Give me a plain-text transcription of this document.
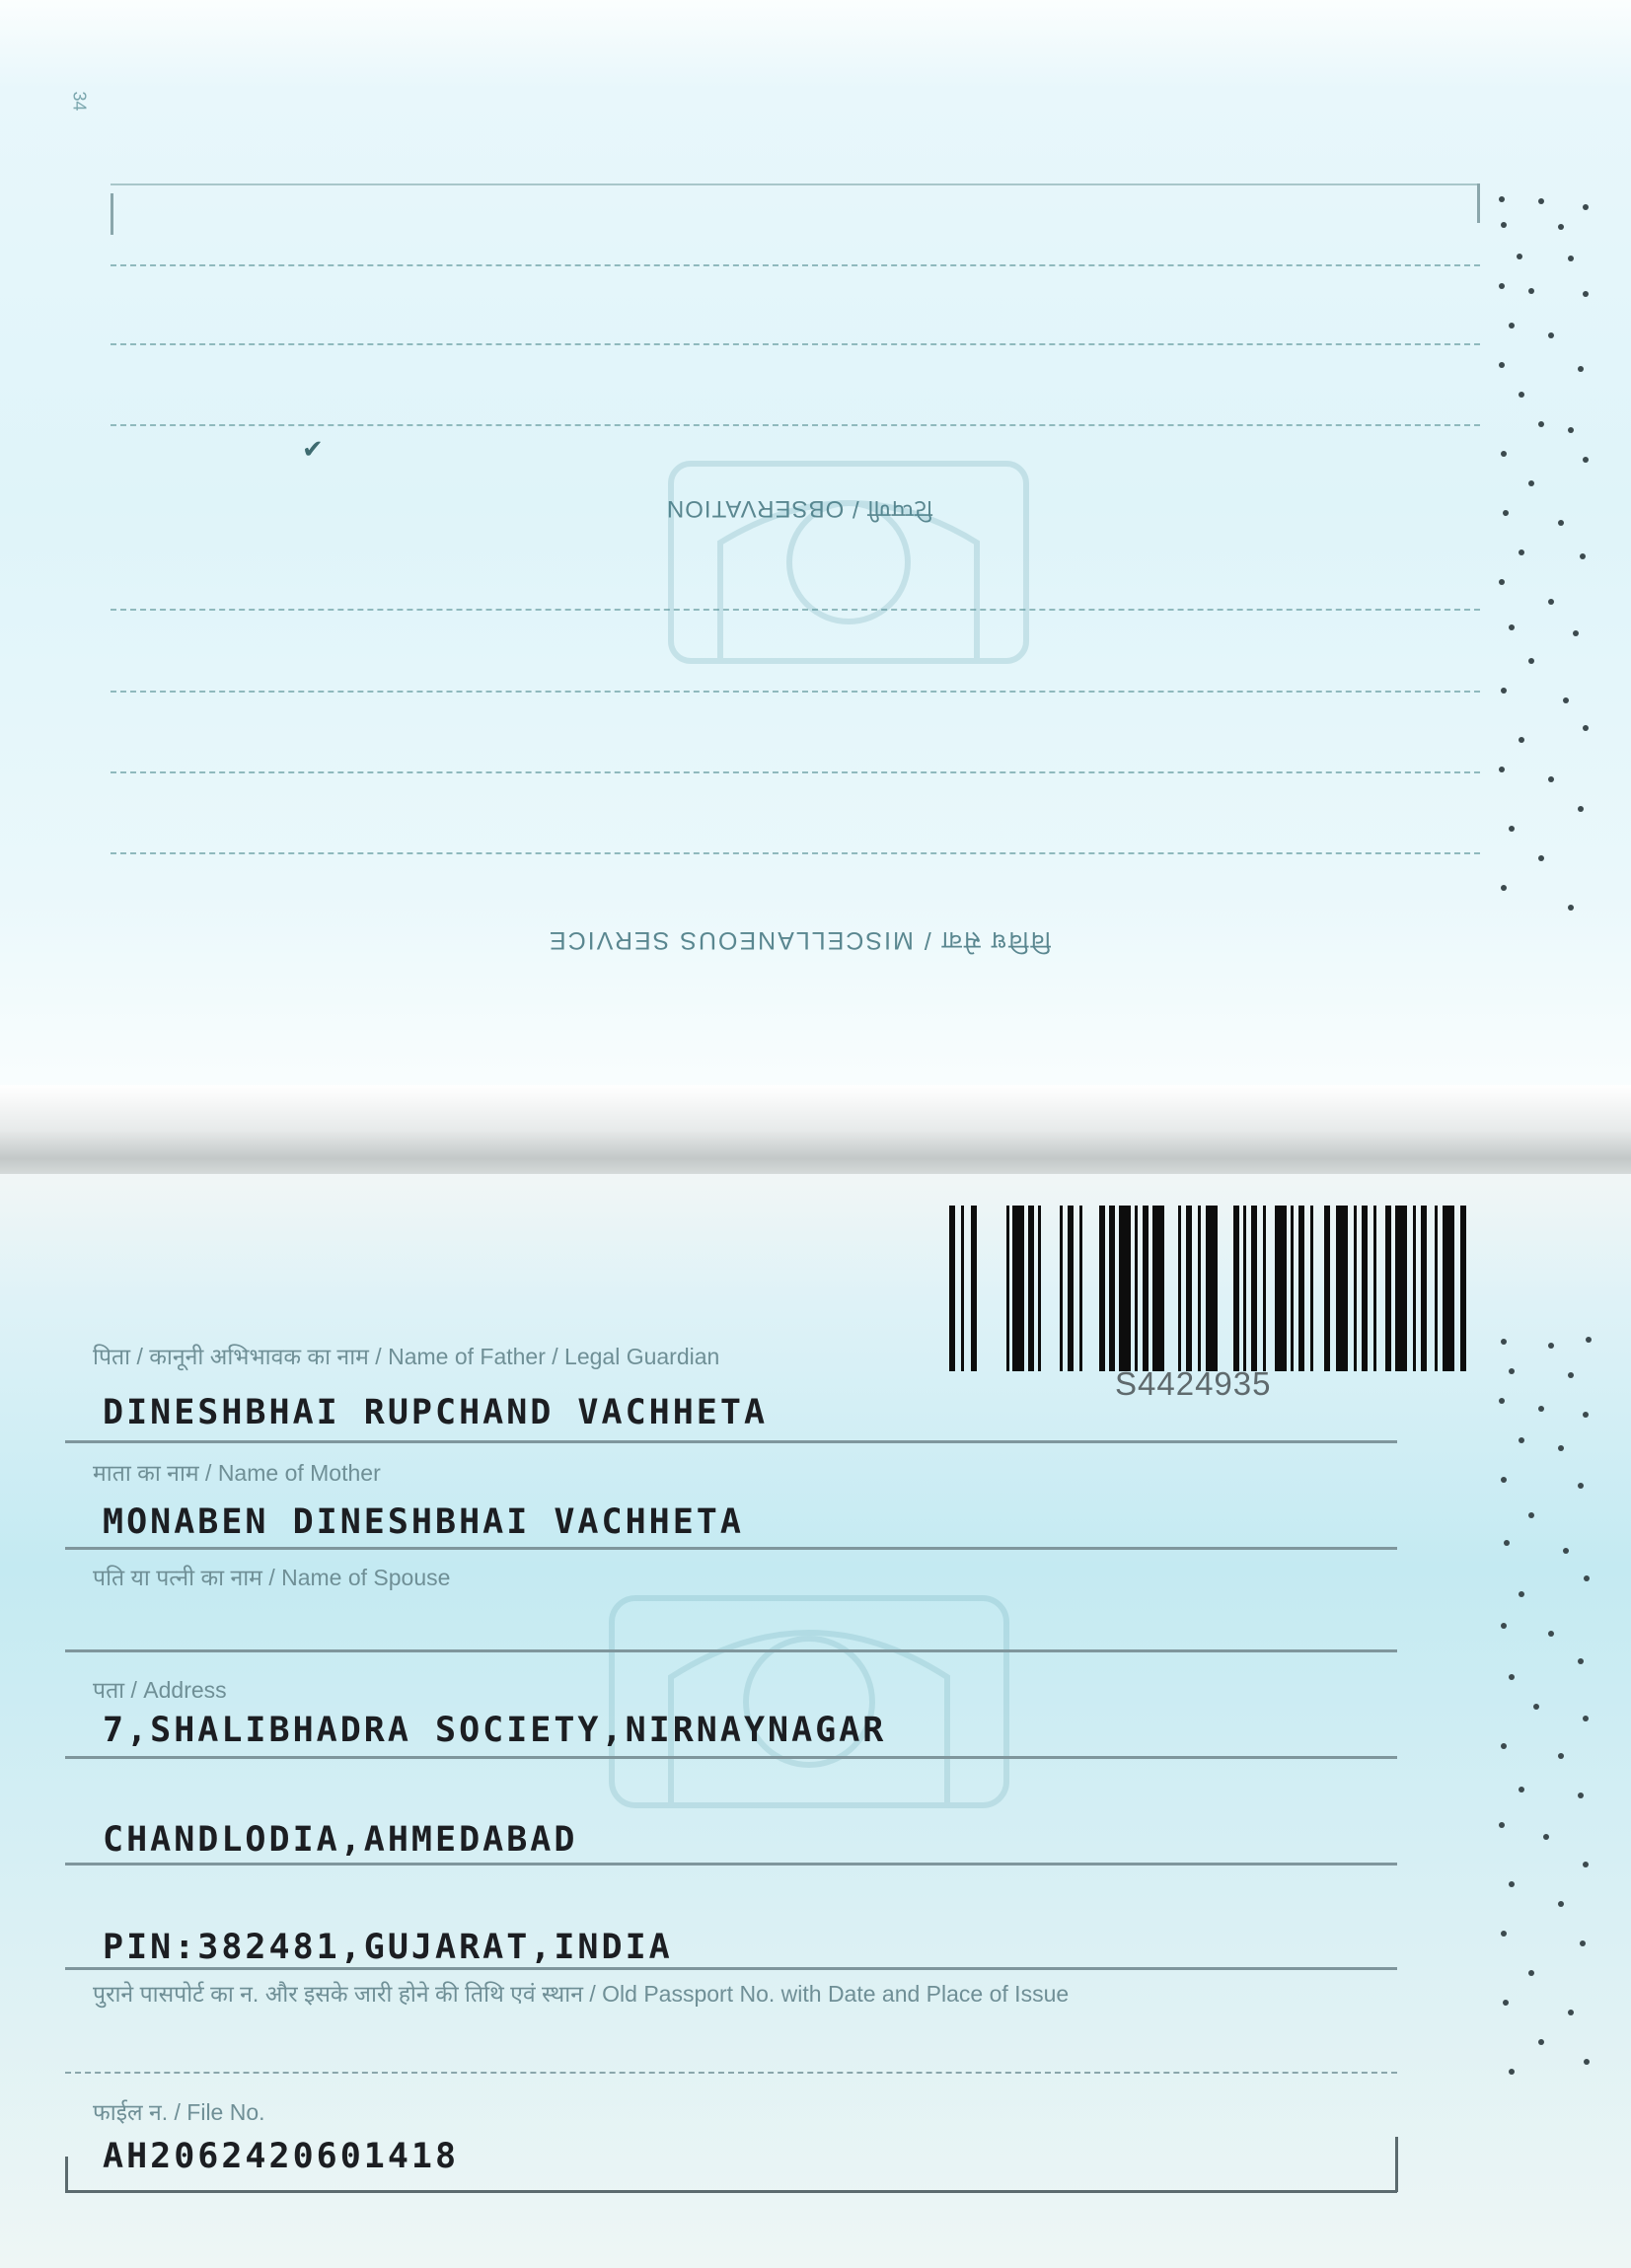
34
✔
टिप्पणी / OBSERVATION
विविध सेवा / MISCELLANEOUS SERVICE
S4424935
पिता / कानूनी अभिभावक का नाम / Name of Father / Legal Guardian
DINESHBHAI RUPCHAND VACHHETA
माता का नाम / Name of Mother
MONABEN DINESHBHAI VACHHETA
पति या पत्नी का नाम / Name of Spouse
पता / Address
7,SHALIBHADRA SOCIETY,NIRNAYNAGAR
CHANDLODIA,AHMEDABAD
PIN:382481,GUJARAT,INDIA
पुराने पासपोर्ट का न. और इसके जारी होने की तिथि एवं स्थान / Old Passport No. with Date and Place of Issue
फाईल न. / File No.
AH2062420601418
